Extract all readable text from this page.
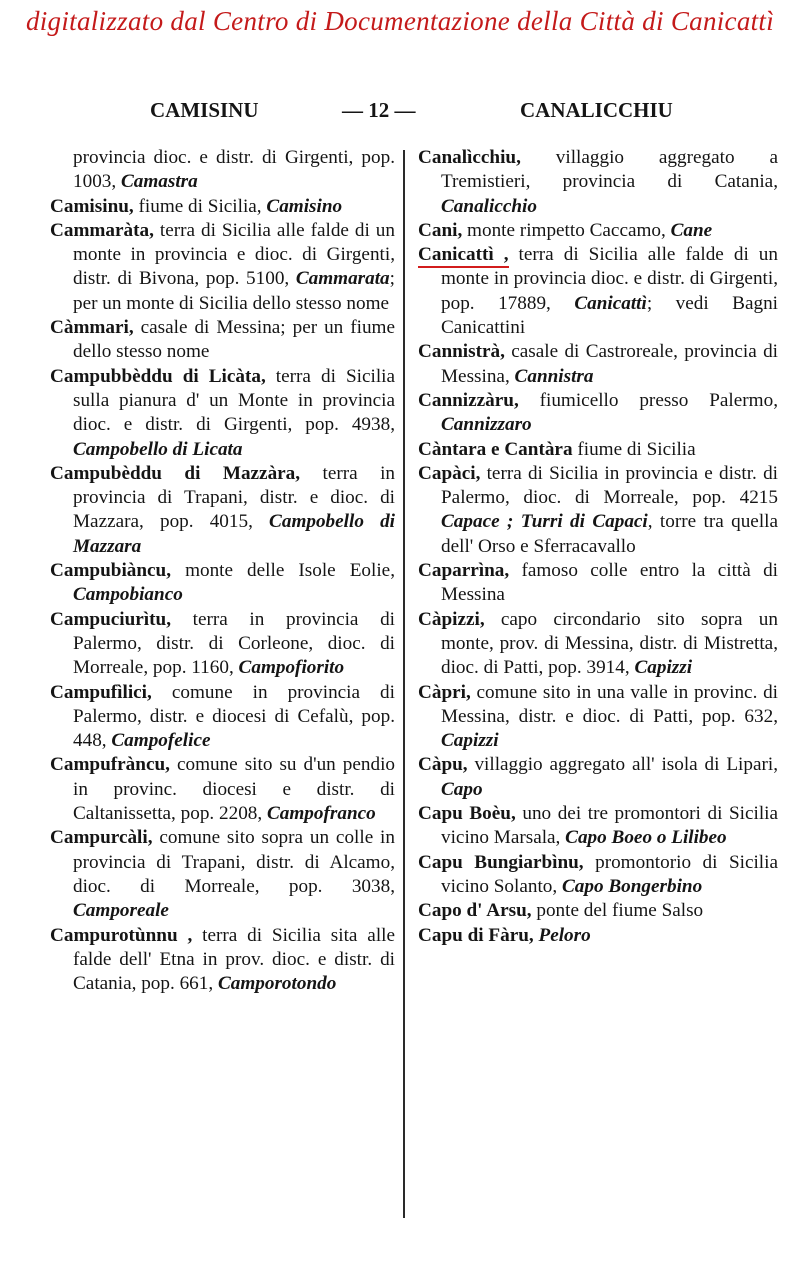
digitalizzato dal Centro di Documentazione della Città di Canicattì
CAMISINU	— 12 —	CANALICCHIU

provincia dioc. e distr. di Girgenti, pop. 1003, Camastra

Camisinu, fiume di Sicilia, Camisino

Cammaràta, terra di Sicilia alle falde di un monte in provincia e dioc. di Girgenti, distr. di Bivona, pop. 5100, Cammarata; per un monte di Sicilia dello stesso nome

Càmmari, casale di Messina; per un fiume dello stesso nome

Campubbèddu di Licàta, terra di Sicilia sulla pianura d' un Monte in provincia dioc. e distr. di Girgenti, pop. 4938, Campobello di Licata

Campubèddu di Mazzàra, terra in provincia di Trapani, distr. e dioc. di Mazzara, pop. 4015, Campobello di Mazzara

Campubiàncu, monte delle Isole Eolie, Campobianco

Campuciurìtu, terra in provincia di Palermo, distr. di Corleone, dioc. di Morreale, pop. 1160, Campofiorito

Campufìlici, comune in provincia di Palermo, distr. e diocesi di Cefalù, pop. 448, Campofelice

Campufràncu, comune sito su d'un pendio in provinc. diocesi e distr. di Caltanissetta, pop. 2208, Campofranco

Campurcàli, comune sito sopra un colle in provincia di Trapani, distr. di Alcamo, dioc. di Morreale, pop. 3038, Camporeale

Campurotùnnu , terra di Sicilia sita alle falde dell' Etna in prov. dioc. e distr. di Catania, pop. 661, Camporotondo

Canalìcchiu, villaggio aggregato a Tremistieri, provincia di Catania, Canalicchio

Cani, monte rimpetto Caccamo, Cane

Canicattì , terra di Sicilia alle falde di un monte in provincia dioc. e distr. di Girgenti, pop. 17889, Canicattì; vedi Bagni Canicattini

Cannistrà, casale di Castroreale, provincia di Messina, Cannistra

Cannizzàru, fiumicello presso Palermo, Cannizzaro

Càntara e Cantàra fiume di Sicilia

Capàci, terra di Sicilia in provincia e distr. di Palermo, dioc. di Morreale, pop. 4215 Capace ; Turri di Capaci, torre tra quella dell' Orso e Sferracavallo

Caparrìna, famoso colle entro la città di Messina

Càpizzi, capo circondario sito sopra un monte, prov. di Messina, distr. di Mistretta, dioc. di Patti, pop. 3914, Capizzi

Càpri, comune sito in una valle in provinc. di Messina, distr. e dioc. di Patti, pop. 632, Capizzi

Càpu, villaggio aggregato all' isola di Lipari, Capo

Capu Boèu, uno dei tre promontori di Sicilia vicino Marsala, Capo Boeo o Lilibeo

Capu Bungiarbìnu, promontorio di Sicilia vicino Solanto, Capo Bongerbino

Capo d' Arsu, ponte del fiume Salso

Capu di Fàru, Peloro
